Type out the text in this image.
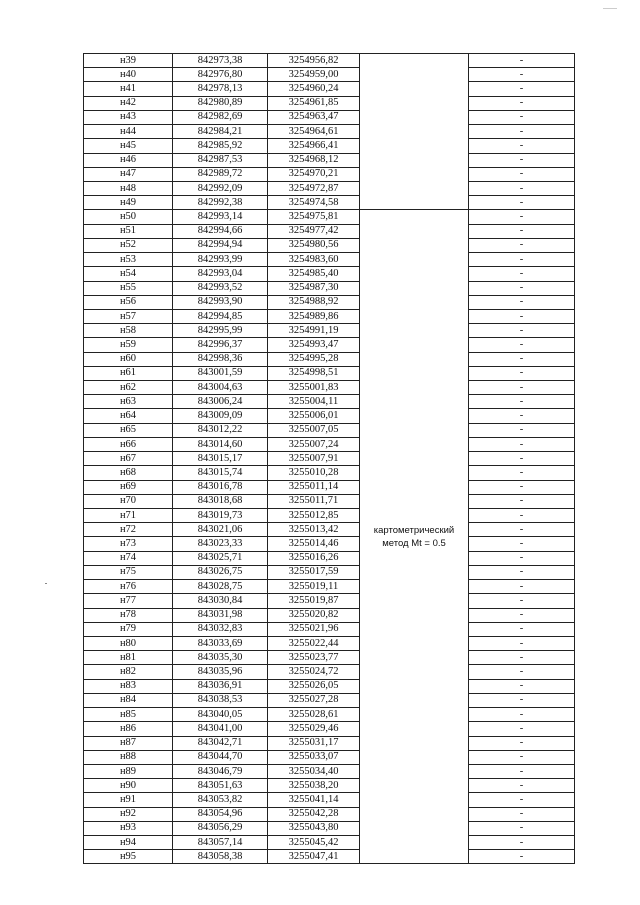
н39	842973,38	3254956,82		-
н40	842976,80	3254959,00		-
н41	842978,13	3254960,24		-
н42	842980,89	3254961,85		-
н43	842982,69	3254963,47		-
н44	842984,21	3254964,61		-
н45	842985,92	3254966,41		-
н46	842987,53	3254968,12		-
н47	842989,72	3254970,21		-
н48	842992,09	3254972,87		-
н49	842992,38	3254974,58		-
н50	842993,14	3254975,81	картометрический метод Mt = 0.5	-
н51	842994,66	3254977,42		-
н52	842994,94	3254980,56		-
н53	842993,99	3254983,60		-
н54	842993,04	3254985,40		-
н55	842993,52	3254987,30		-
н56	842993,90	3254988,92		-
н57	842994,85	3254989,86		-
н58	842995,99	3254991,19		-
н59	842996,37	3254993,47		-
н60	842998,36	3254995,28		-
н61	843001,59	3254998,51		-
н62	843004,63	3255001,83		-
н63	843006,24	3255004,11		-
н64	843009,09	3255006,01		-
н65	843012,22	3255007,05		-
н66	843014,60	3255007,24		-
н67	843015,17	3255007,91		-
н68	843015,74	3255010,28		-
н69	843016,78	3255011,14		-
н70	843018,68	3255011,71		-
н71	843019,73	3255012,85		-
н72	843021,06	3255013,42		-
н73	843023,33	3255014,46		-
н74	843025,71	3255016,26		-
н75	843026,75	3255017,59		-
н76	843028,75	3255019,11		-
н77	843030,84	3255019,87		-
н78	843031,98	3255020,82		-
н79	843032,83	3255021,96		-
н80	843033,69	3255022,44		-
н81	843035,30	3255023,77		-
н82	843035,96	3255024,72		-
н83	843036,91	3255026,05		-
н84	843038,53	3255027,28		-
н85	843040,05	3255028,61		-
н86	843041,00	3255029,46		-
н87	843042,71	3255031,17		-
н88	843044,70	3255033,07		-
н89	843046,79	3255034,40		-
н90	843051,63	3255038,20		-
н91	843053,82	3255041,14		-
н92	843054,96	3255042,28		-
н93	843056,29	3255043,80		-
н94	843057,14	3255045,42		-
н95	843058,38	3255047,41		-
